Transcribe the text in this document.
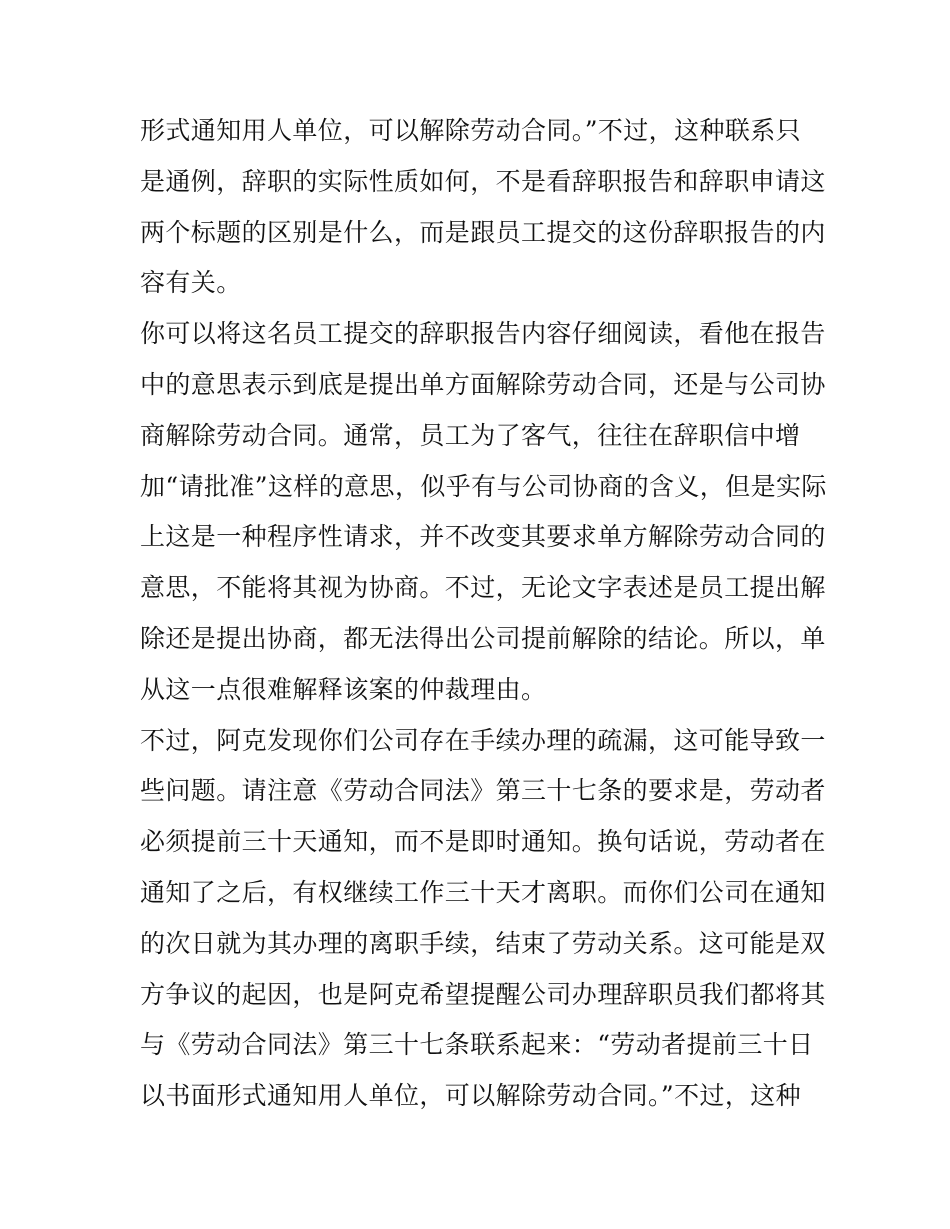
形式通知用人单位，可以解除劳动合同。”不过，这种联系只

是通例，辞职的实际性质如何，不是看辞职报告和辞职申请这

两个标题的区别是什么，而是跟员工提交的这份辞职报告的内

容有关。

你可以将这名员工提交的辞职报告内容仔细阅读，看他在报告

中的意思表示到底是提出单方面解除劳动合同，还是与公司协

商解除劳动合同。通常，员工为了客气，往往在辞职信中增

加“请批准”这样的意思，似乎有与公司协商的含义，但是实际

上这是一种程序性请求，并不改变其要求单方解除劳动合同的

意思，不能将其视为协商。不过，无论文字表述是员工提出解

除还是提出协商，都无法得出公司提前解除的结论。所以，单

从这一点很难解释该案的仲裁理由。

不过，阿克发现你们公司存在手续办理的疏漏，这可能导致一

些问题。请注意《劳动合同法》第三十七条的要求是，劳动者

必须提前三十天通知，而不是即时通知。换句话说，劳动者在

通知了之后，有权继续工作三十天才离职。而你们公司在通知

的次日就为其办理的离职手续，结束了劳动关系。这可能是双

方争议的起因，也是阿克希望提醒公司办理辞职员我们都将其

与《劳动合同法》第三十七条联系起来：“劳动者提前三十日

以书面形式通知用人单位，可以解除劳动合同。”不过，这种
